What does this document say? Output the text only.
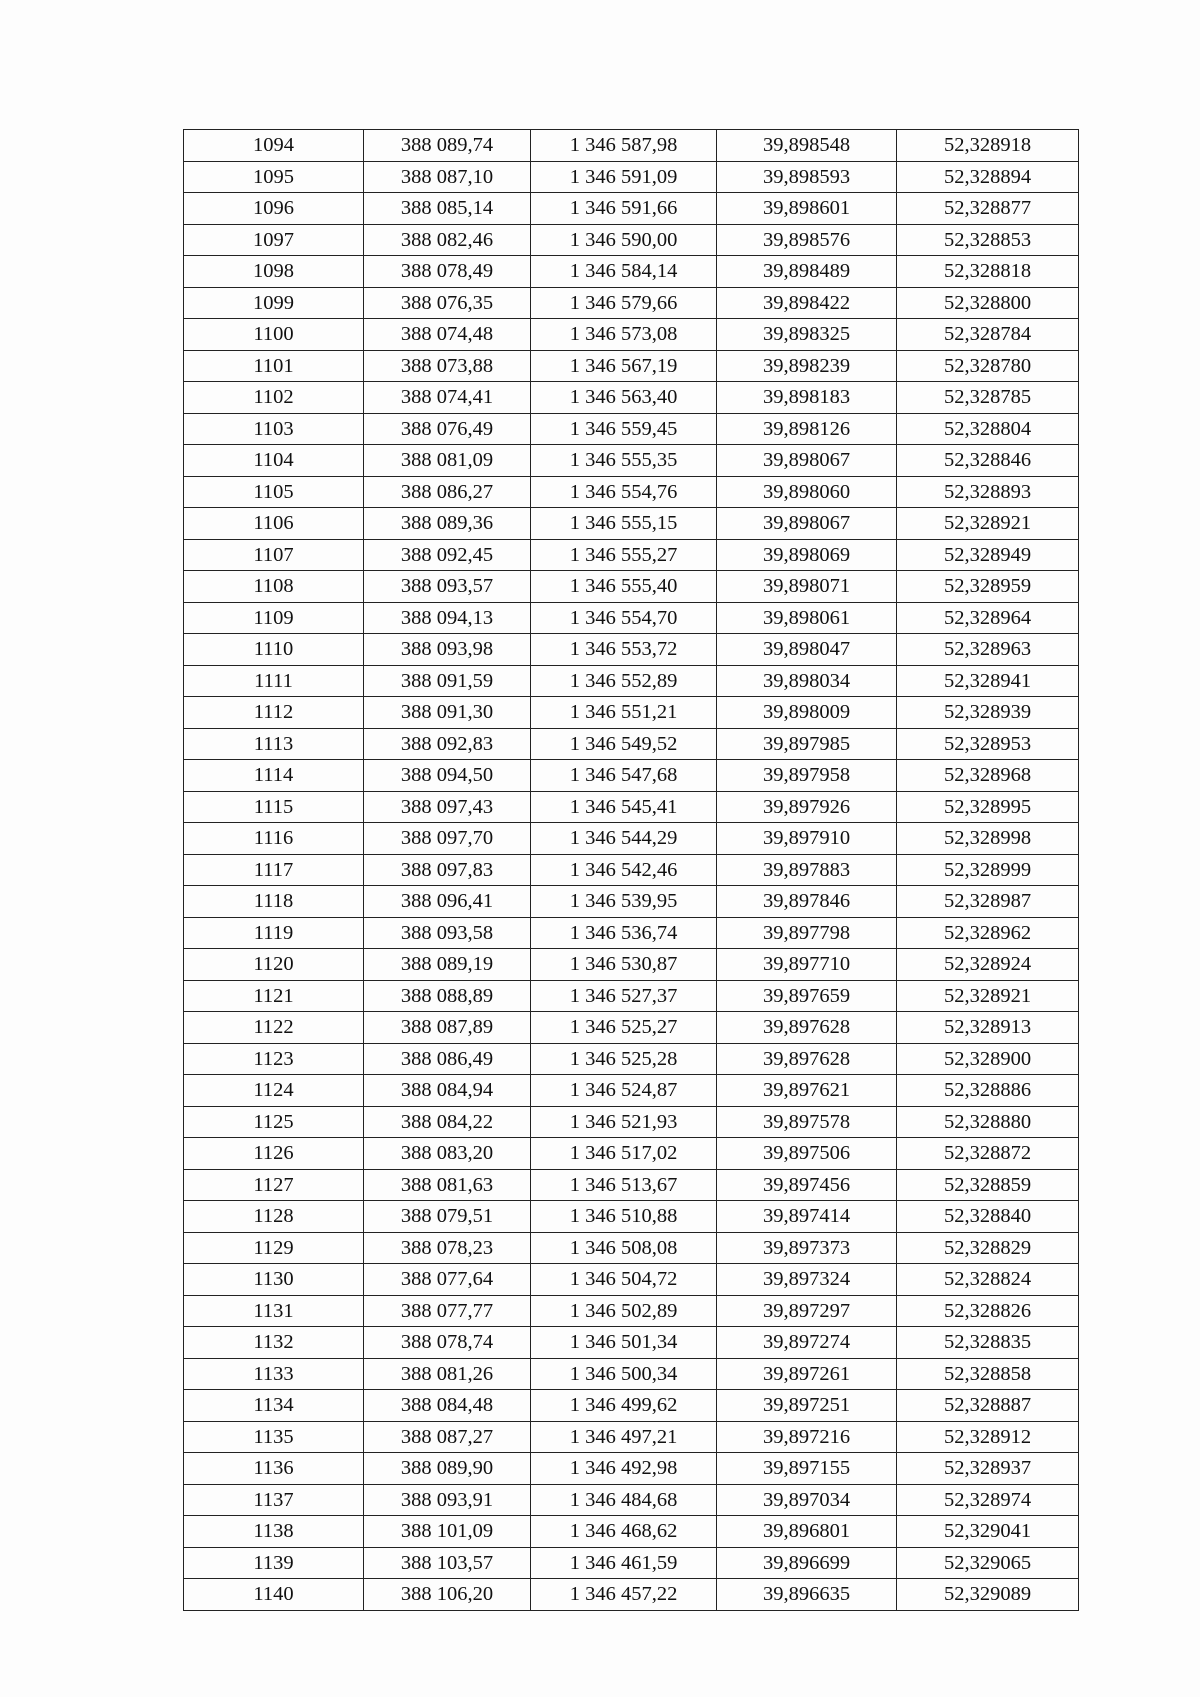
1094	388 089,74	1 346 587,98	39,898548	52,328918
1095	388 087,10	1 346 591,09	39,898593	52,328894
1096	388 085,14	1 346 591,66	39,898601	52,328877
1097	388 082,46	1 346 590,00	39,898576	52,328853
1098	388 078,49	1 346 584,14	39,898489	52,328818
1099	388 076,35	1 346 579,66	39,898422	52,328800
1100	388 074,48	1 346 573,08	39,898325	52,328784
1101	388 073,88	1 346 567,19	39,898239	52,328780
1102	388 074,41	1 346 563,40	39,898183	52,328785
1103	388 076,49	1 346 559,45	39,898126	52,328804
1104	388 081,09	1 346 555,35	39,898067	52,328846
1105	388 086,27	1 346 554,76	39,898060	52,328893
1106	388 089,36	1 346 555,15	39,898067	52,328921
1107	388 092,45	1 346 555,27	39,898069	52,328949
1108	388 093,57	1 346 555,40	39,898071	52,328959
1109	388 094,13	1 346 554,70	39,898061	52,328964
1110	388 093,98	1 346 553,72	39,898047	52,328963
1111	388 091,59	1 346 552,89	39,898034	52,328941
1112	388 091,30	1 346 551,21	39,898009	52,328939
1113	388 092,83	1 346 549,52	39,897985	52,328953
1114	388 094,50	1 346 547,68	39,897958	52,328968
1115	388 097,43	1 346 545,41	39,897926	52,328995
1116	388 097,70	1 346 544,29	39,897910	52,328998
1117	388 097,83	1 346 542,46	39,897883	52,328999
1118	388 096,41	1 346 539,95	39,897846	52,328987
1119	388 093,58	1 346 536,74	39,897798	52,328962
1120	388 089,19	1 346 530,87	39,897710	52,328924
1121	388 088,89	1 346 527,37	39,897659	52,328921
1122	388 087,89	1 346 525,27	39,897628	52,328913
1123	388 086,49	1 346 525,28	39,897628	52,328900
1124	388 084,94	1 346 524,87	39,897621	52,328886
1125	388 084,22	1 346 521,93	39,897578	52,328880
1126	388 083,20	1 346 517,02	39,897506	52,328872
1127	388 081,63	1 346 513,67	39,897456	52,328859
1128	388 079,51	1 346 510,88	39,897414	52,328840
1129	388 078,23	1 346 508,08	39,897373	52,328829
1130	388 077,64	1 346 504,72	39,897324	52,328824
1131	388 077,77	1 346 502,89	39,897297	52,328826
1132	388 078,74	1 346 501,34	39,897274	52,328835
1133	388 081,26	1 346 500,34	39,897261	52,328858
1134	388 084,48	1 346 499,62	39,897251	52,328887
1135	388 087,27	1 346 497,21	39,897216	52,328912
1136	388 089,90	1 346 492,98	39,897155	52,328937
1137	388 093,91	1 346 484,68	39,897034	52,328974
1138	388 101,09	1 346 468,62	39,896801	52,329041
1139	388 103,57	1 346 461,59	39,896699	52,329065
1140	388 106,20	1 346 457,22	39,896635	52,329089
